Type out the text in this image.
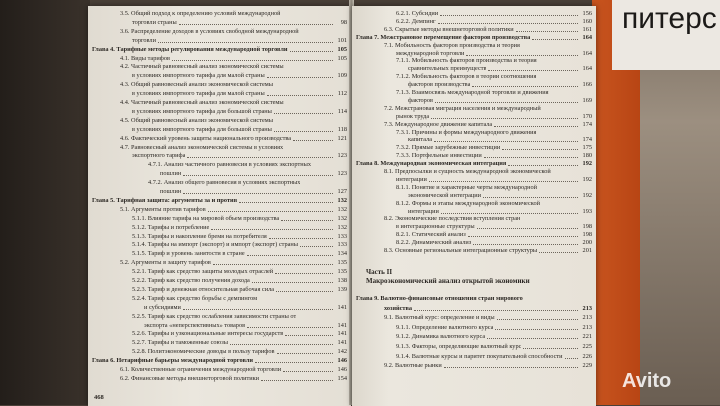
питерс
468
3.5. Общий подход к определению условий международной
торговли страны	98
3.6. Распределение доходов в условиях свободной международной
торговли	101
Глава 4. Тарифные методы регулирования международной торговли	105
4.1. Виды тарифов	105
4.2. Частичный равновесный анализ экономической системы
в условиях импортного тарифа для малой страны	109
4.3. Общий равновесный анализ экономической системы
в условиях импортного тарифа для малой страны	112
4.4. Частичный равновесный анализ экономической системы
в условиях импортного тарифа для большой страны	114
4.5. Общий равновесный анализ экономической системы
в условиях импортного тарифа для большой страны	118
4.6. Фактический уровень защиты национального производства	121
4.7. Равновесный анализ экономической системы в условиях
экспортного тарифа	123
4.7.1. Анализ частичного равновесия в условиях экспортных
пошлин	123
4.7.2. Анализ общего равновесия в условиях экспортных
пошлин	127
Глава 5. Тарифная защита: аргументы за и против	132
5.1. Аргументы против тарифов	132
5.1.1. Влияние тарифа на мировой объем производства	132
5.1.2. Тарифы и потребление	132
5.1.3. Тарифы и накопление бремя на потребителя	133
5.1.4. Тарифы на импорт (экспорт) и импорт (экспорт) страны	133
5.1.5. Тариф и уровень занятости в стране	134
5.2. Аргументы в защиту тарифов	135
5.2.1. Тариф как средство защиты молодых отраслей	135
5.2.2. Тариф как средство получения дохода	138
5.2.3. Тариф и денежная относительная рабочая сила	139
5.2.4. Тариф как средство борьбы с демпингом
и субсидиями	141
5.2.5. Тариф как средство ослабления зависимости страны от
экспорта «неперспективных» товаров	141
5.2.6. Тарифы и узконациональные интересы государств	141
5.2.7. Тарифы и таможенные союзы	141
5.2.8. Политэкономические доводы в пользу тарифов	142
Глава 6. Нетарифные барьеры международной торговли	146
6.1. Количественные ограничения международной торговли	146
6.2. Финансовые методы внешнеторговой политики	154
Часть II
Макроэкономический анализ открытой экономики
6.2.1. Субсидии	156
6.2.2. Демпинг	160
6.3. Скрытые методы внешнеторговой политики	161
Глава 7. Межстрановое перемещение факторов производства	164
7.1. Мобильность факторов производства и теория
международной торговли	164
7.1.1. Мобильность факторов производства и теория
сравнительных преимуществ	164
7.1.2. Мобильность факторов в теории соотношения
факторов производства	166
7.1.3. Взаимосвязь международной торговли и движения
факторов	169
7.2. Межстрановая миграция населения и международный
рынок труда	170
7.3. Международное движение капитала	174
7.3.1. Причины и формы международного движения
капитала	174
7.3.2. Прямые зарубежные инвестиции	175
7.3.3. Портфельные инвестиции	180
Глава 8. Международная экономическая интеграция	192
8.1. Предпосылки и сущность международной экономической
интеграции	192
8.1.1. Понятие и характерные черты международной
экономической интеграции	192
8.1.2. Формы и этапы международной экономической
интеграции	193
8.2. Экономические последствия вступления стран
в интеграционные структуры	198
8.2.1. Статический анализ	198
8.2.2. Динамический анализ	200
8.3. Основные региональные интеграционные структуры	201
Глава 9. Валютно-финансовые отношения стран мирового
хозяйства	213
9.1. Валютный курс: определение и виды	213
9.1.1. Определение валютного курса	213
9.1.2. Динамика валютного курса	221
9.1.3. Факторы, определяющие валютный курс	225
9.1.4. Валютные курсы и паритет покупательной способности	226
9.2. Валютные рынки	229
Avito
